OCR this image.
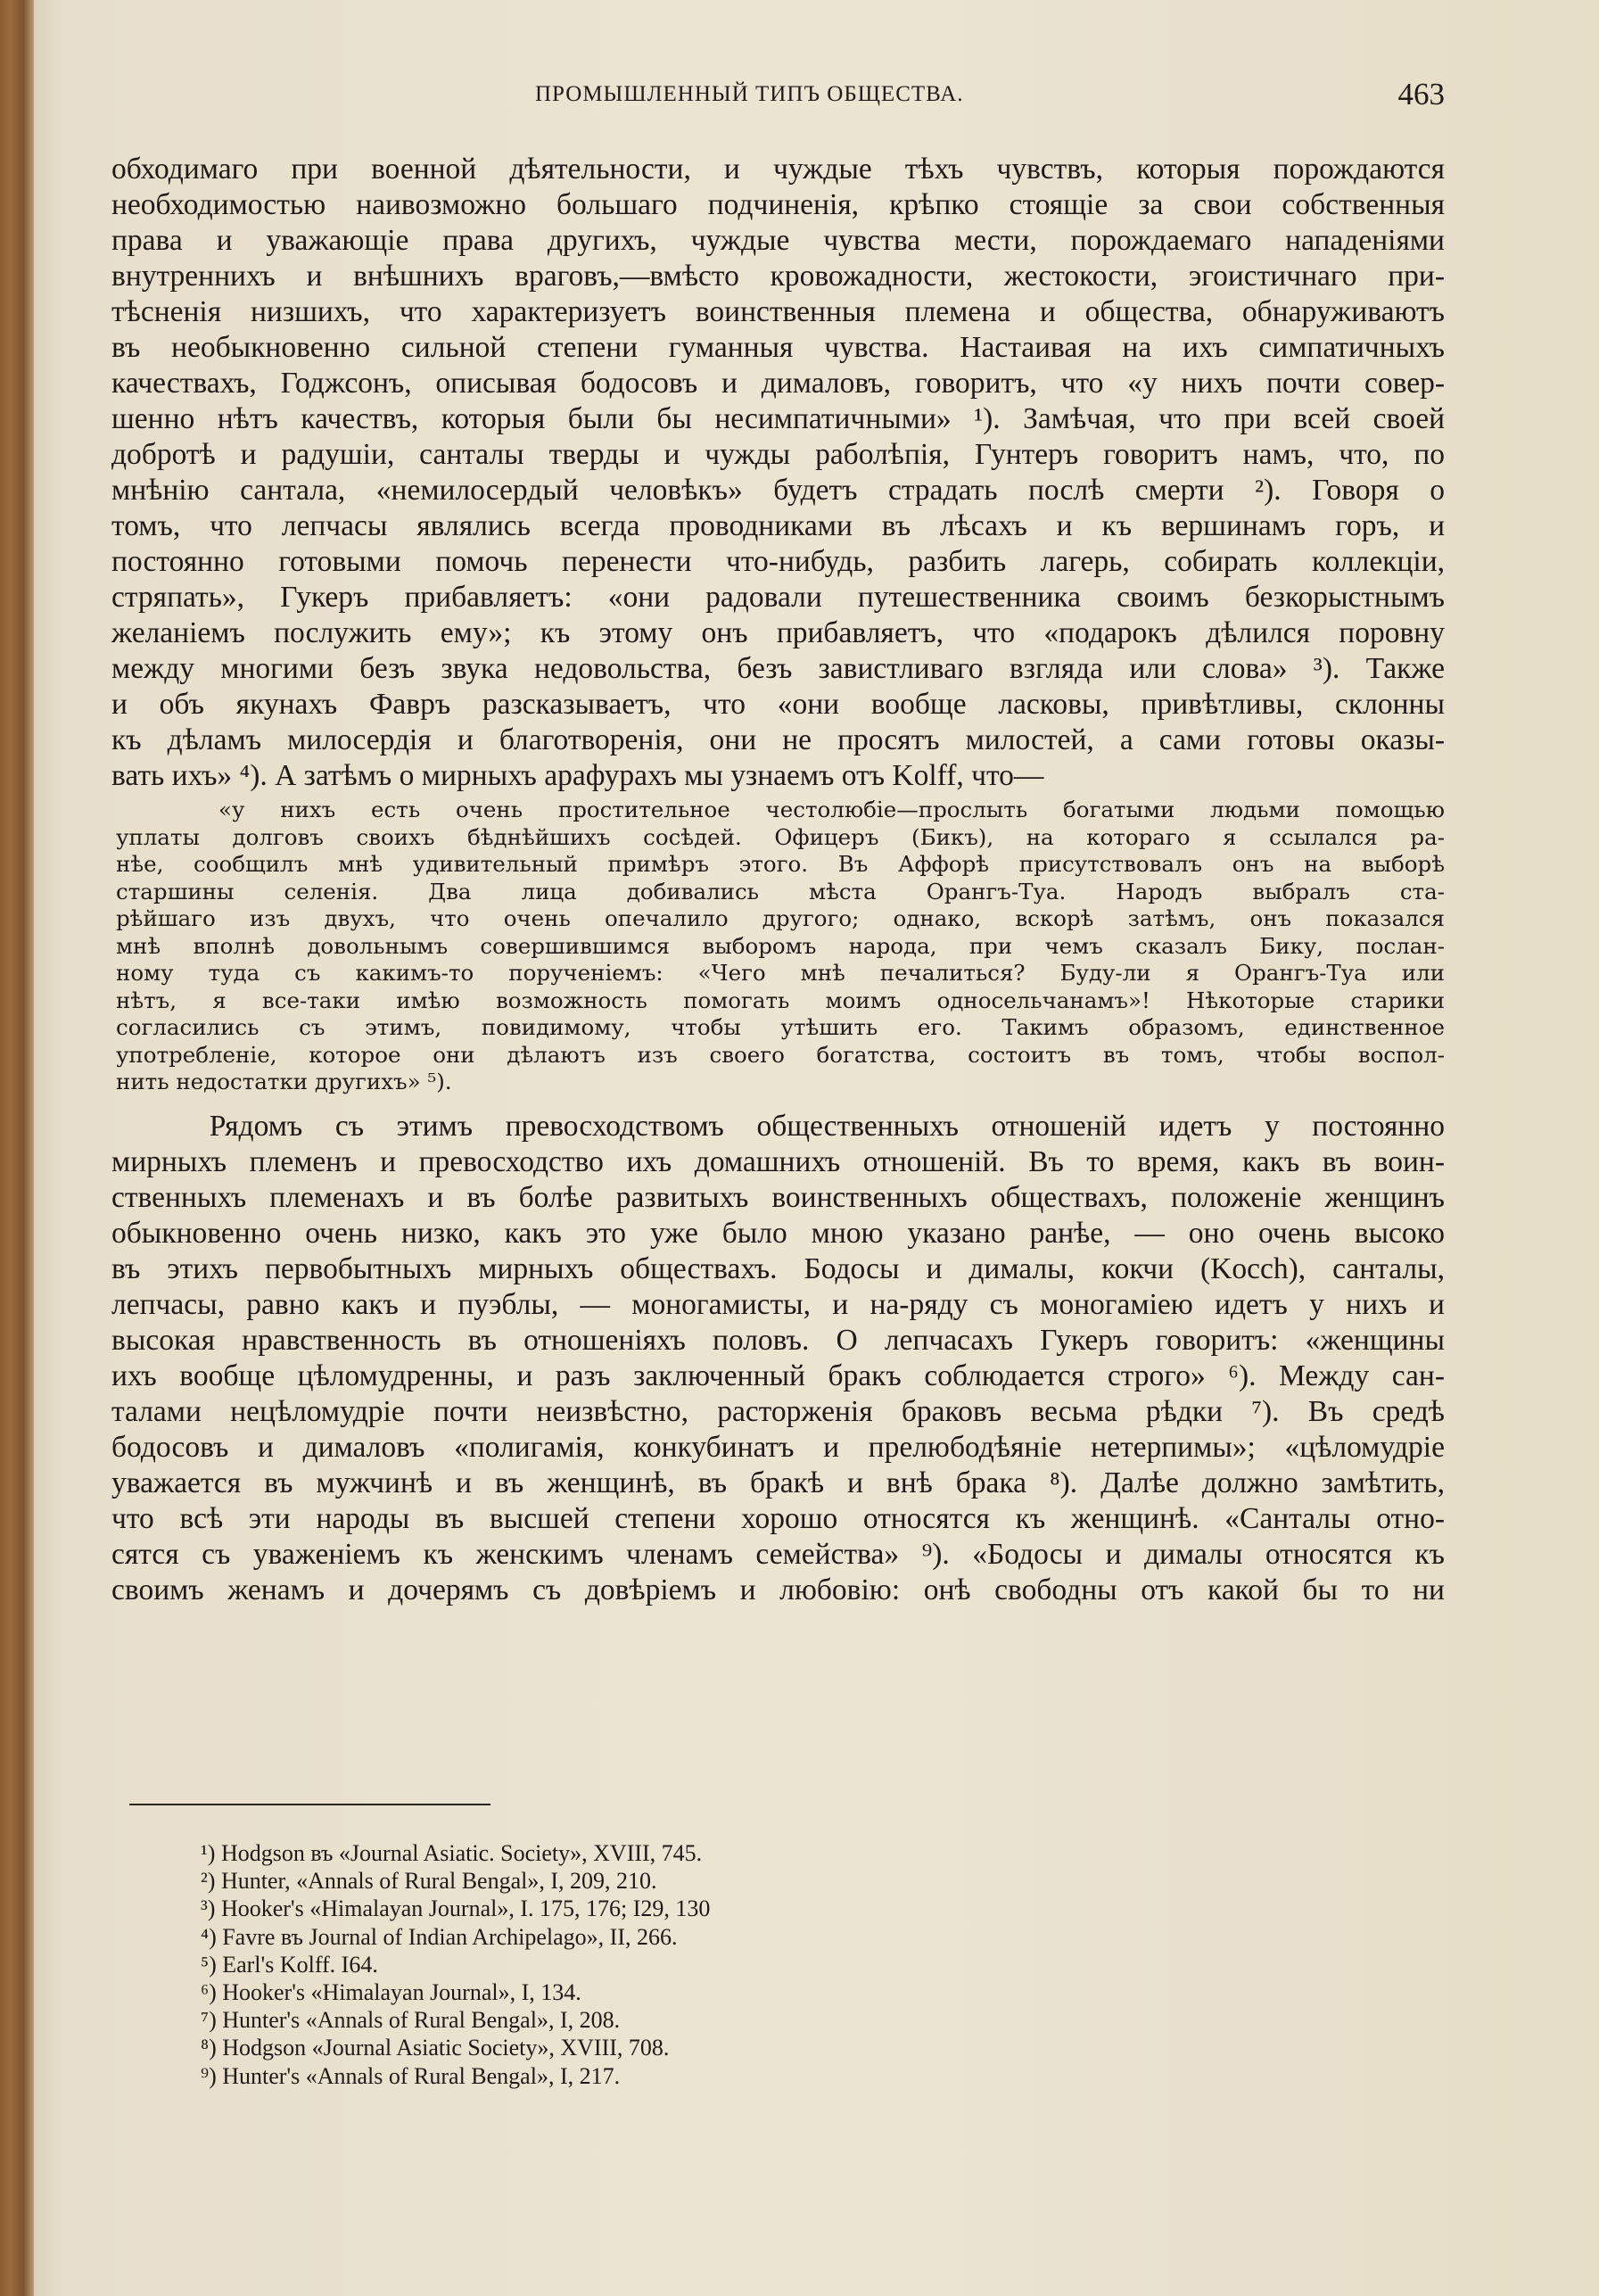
ПРОМЫШЛЕННЫЙ ТИПЪ ОБЩЕСТВА.	463
обходимаго при военной дѣятельности, и чуждые тѣхъ чувствъ, которыя порождаются
необходимостью наивозможно большаго подчиненія, крѣпко стоящіе за свои собственныя
права и уважающіе права другихъ, чуждые чувства мести, порождаемаго нападеніями
внутреннихъ и внѣшнихъ враговъ,—вмѣсто кровожадности, жестокости, эгоистичнаго при-
тѣсненія низшихъ, что характеризуетъ воинственныя племена и общества, обнаруживаютъ
въ необыкновенно сильной степени гуманныя чувства. Настаивая на ихъ симпатичныхъ
качествахъ, Годжсонъ, описывая бодосовъ и дималовъ, говоритъ, что «у нихъ почти совер-
шенно нѣтъ качествъ, которыя были бы несимпатичными» ¹). Замѣчая, что при всей своей
добротѣ и радушіи, санталы тверды и чужды раболѣпія, Гунтеръ говоритъ намъ, что, по
мнѣнію сантала, «немилосердый человѣкъ» будетъ страдать послѣ смерти ²). Говоря о
томъ, что лепчасы являлись всегда проводниками въ лѣсахъ и къ вершинамъ горъ, и
постоянно готовыми помочь перенести что-нибудь, разбить лагерь, собирать коллекціи,
стряпать», Гукеръ прибавляетъ: «они радовали путешественника своимъ безкорыстнымъ
желаніемъ послужить ему»; къ этому онъ прибавляетъ, что «подарокъ дѣлился поровну
между многими безъ звука недовольства, безъ завистливаго взгляда или слова» ³). Также
и объ якунахъ Фавръ разсказываетъ, что «они вообще ласковы, привѣтливы, склонны
къ дѣламъ милосердія и благотворенія, они не просятъ милостей, а сами готовы оказы-
вать ихъ» ⁴). А затѣмъ о мирныхъ арафурахъ мы узнаемъ отъ Kolff, что—
«у нихъ есть очень простительное честолюбіе—прослыть богатыми людьми помощью
уплаты долговъ своихъ бѣднѣйшихъ сосѣдей. Офицеръ (Бикъ), на котораго я ссылался ра-
нѣе, сообщилъ мнѣ удивительный примѣръ этого. Въ Аффорѣ присутствовалъ онъ на выборѣ
старшины селенія. Два лица добивались мѣста Орангъ-Туа. Народъ выбралъ ста-
рѣйшаго изъ двухъ, что очень опечалило другого; однако, вскорѣ затѣмъ, онъ показался
мнѣ вполнѣ довольнымъ совершившимся выборомъ народа, при чемъ сказалъ Бику, послан-
ному туда съ какимъ-то порученіемъ: «Чего мнѣ печалиться? Буду-ли я Орангъ-Туа или
нѣтъ, я все-таки имѣю возможность помогать моимъ односельчанамъ»! Нѣкоторые старики
согласились съ этимъ, повидимому, чтобы утѣшить его. Такимъ образомъ, единственное
употребленіе, которое они дѣлаютъ изъ своего богатства, состоитъ въ томъ, чтобы воспол-
нить недостатки другихъ» ⁵).
Рядомъ съ этимъ превосходствомъ общественныхъ отношеній идетъ у постоянно
мирныхъ племенъ и превосходство ихъ домашнихъ отношеній. Въ то время, какъ въ воин-
ственныхъ племенахъ и въ болѣе развитыхъ воинственныхъ обществахъ, положеніе женщинъ
обыкновенно очень низко, какъ это уже было мною указано ранѣе, — оно очень высоко
въ этихъ первобытныхъ мирныхъ обществахъ. Бодосы и дималы, кокчи (Kocch), санталы,
лепчасы, равно какъ и пуэблы, — моногамисты, и на-ряду съ моногаміею идетъ у нихъ и
высокая нравственность въ отношеніяхъ половъ. О лепчасахъ Гукеръ говоритъ: «женщины
ихъ вообще цѣломудренны, и разъ заключенный бракъ соблюдается строго» ⁶). Между сан-
талами нецѣломудріе почти неизвѣстно, расторженія браковъ весьма рѣдки ⁷). Въ средѣ
бодосовъ и дималовъ «полигамія, конкубинатъ и прелюбодѣяніе нетерпимы»; «цѣломудріе
уважается въ мужчинѣ и въ женщинѣ, въ бракѣ и внѣ брака ⁸). Далѣе должно замѣтить,
что всѣ эти народы въ высшей степени хорошо относятся къ женщинѣ. «Санталы отно-
сятся съ уваженіемъ къ женскимъ членамъ семейства» ⁹). «Бодосы и дималы относятся къ
своимъ женамъ и дочерямъ съ довѣріемъ и любовію: онѣ свободны отъ какой бы то ни
¹) Hodgson въ «Journal Asiatic. Society», XVIII, 745.
²) Hunter, «Annals of Rural Bengal», I, 209, 210.
³) Hooker's «Himalayan Journal», I. 175, 176; I29, 130
⁴) Favre въ Journal of Indian Archipelago», II, 266.
⁵) Earl's Kolff. I64.
⁶) Hooker's «Himalayan Journal», I, 134.
⁷) Hunter's «Annals of Rural Bengal», I, 208.
⁸) Hodgson «Journal Asiatic Society», XVIII, 708.
⁹) Hunter's «Annals of Rural Bengal», I, 217.
